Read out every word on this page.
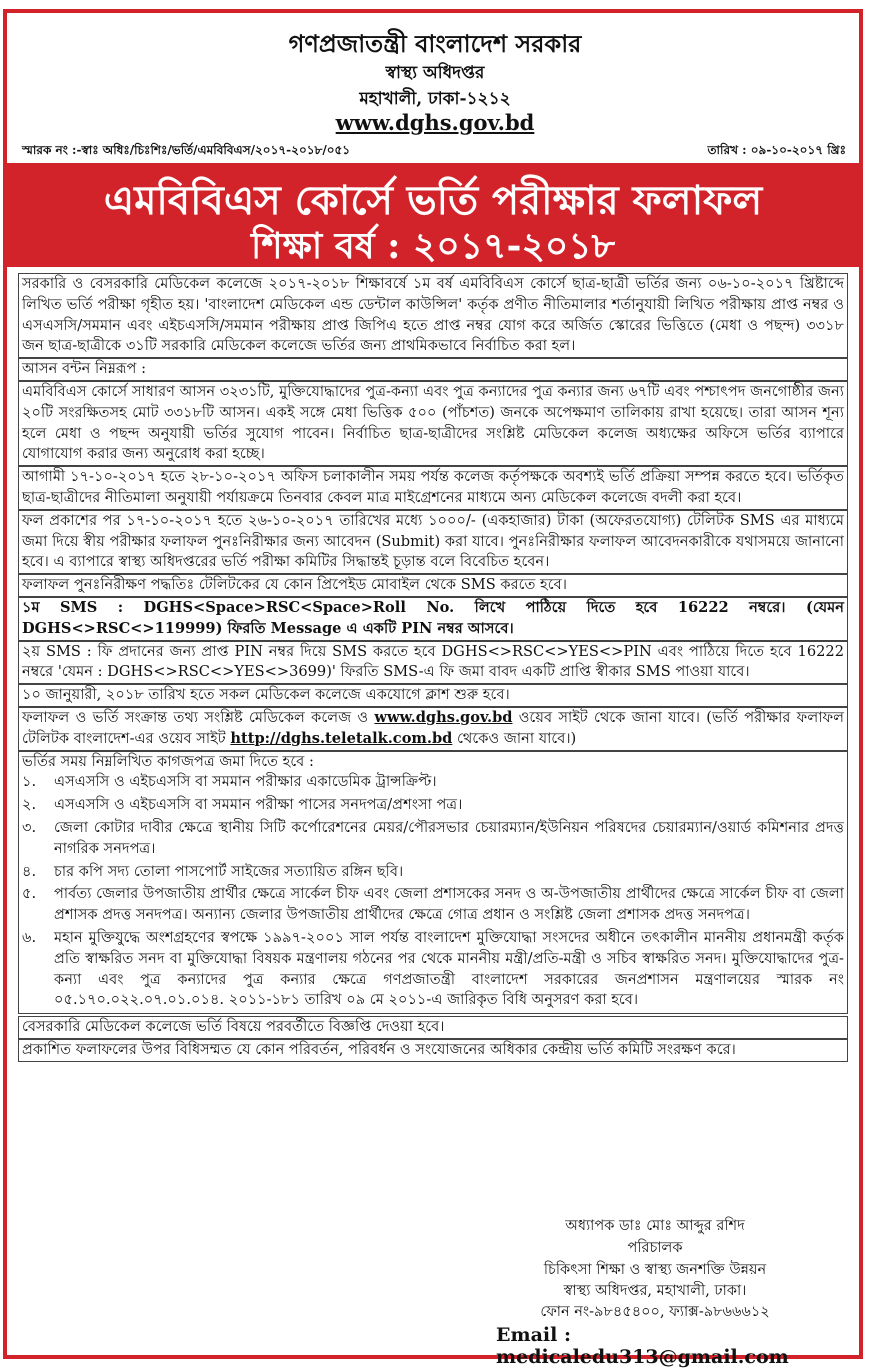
গণপ্রজাতন্ত্রী বাংলাদেশ সরকার
স্বাস্থ্য অধিদপ্তর
মহাখালী, ঢাকা-১২১২
www.dghs.gov.bd
স্মারক নং :-স্বাঃ অধিঃ/চিঃশিঃ/ভর্তি/এমবিবিএস/২০১৭-২০১৮/০৫১	তারিখ : ০৯-১০-২০১৭ খ্রিঃ
এমবিবিএস কোর্সে ভর্তি পরীক্ষার ফলাফল
শিক্ষা বর্ষ : ২০১৭-২০১৮

সরকারি ও বেসরকারি মেডিকেল কলেজে ২০১৭-২০১৮ শিক্ষাবর্ষে ১ম বর্ষ এমবিবিএস কোর্সে ছাত্র-ছাত্রী ভর্তির জন্য ০৬-১০-২০১৭ খ্রিষ্টাব্দে লিখিত ভর্তি পরীক্ষা গৃহীত হয়। 'বাংলাদেশ মেডিকেল এন্ড ডেন্টাল কাউন্সিল' কর্তৃক প্রণীত নীতিমালার শর্তানুযায়ী লিখিত পরীক্ষায় প্রাপ্ত নম্বর ও এসএসসি/সমমান এবং এইচএসসি/সমমান পরীক্ষায় প্রাপ্ত জিপিএ হতে প্রাপ্ত নম্বর যোগ করে অর্জিত স্কোরের ভিত্তিতে (মেধা ও পছন্দ) ৩৩১৮ জন ছাত্র-ছাত্রীকে ৩১টি সরকারি মেডিকেল কলেজে ভর্তির জন্য প্রাথমিকভাবে নির্বাচিত করা হল।

আসন বন্টন নিম্নরূপ :

এমবিবিএস কোর্সে সাধারণ আসন ৩২৩১টি, মুক্তিযোদ্ধাদের পুত্র-কন্যা এবং পুত্র কন্যাদের পুত্র কন্যার জন্য ৬৭টি এবং পশ্চাৎপদ জনগোষ্ঠীর জন্য ২০টি সংরক্ষিতসহ মোট ৩৩১৮টি আসন। একই সঙ্গে মেধা ভিত্তিক ৫০০ (পাঁচশত) জনকে অপেক্ষমাণ তালিকায় রাখা হয়েছে। তারা আসন শূন্য হলে মেধা ও পছন্দ অনুযায়ী ভর্তির সুযোগ পাবেন। নির্বাচিত ছাত্র-ছাত্রীদের সংশ্লিষ্ট মেডিকেল কলেজ অধ্যক্ষের অফিসে ভর্তির ব্যাপারে যোগাযোগ করার জন্য অনুরোধ করা হচ্ছে।

আগামী ১৭-১০-২০১৭ হতে ২৮-১০-২০১৭ অফিস চলাকালীন সময় পর্যন্ত কলেজ কর্তৃপক্ষকে অবশ্যই ভর্তি প্রক্রিয়া সম্পন্ন করতে হবে। ভর্তিকৃত ছাত্র-ছাত্রীদের নীতিমালা অনুযায়ী পর্যায়ক্রমে তিনবার কেবল মাত্র মাইগ্রেশনের মাধ্যমে অন্য মেডিকেল কলেজে বদলী করা হবে।

ফল প্রকাশের পর ১৭-১০-২০১৭ হতে ২৬-১০-২০১৭ তারিখের মধ্যে ১০০০/- (একহাজার) টাকা (অফেরতযোগ্য) টেলিটক SMS এর মাধ্যমে জমা দিয়ে স্বীয় পরীক্ষার ফলাফল পুনঃনিরীক্ষার জন্য আবেদন (Submit) করা যাবে। পুনঃনিরীক্ষার ফলাফল আবেদনকারীকে যথাসময়ে জানানো হবে। এ ব্যাপারে স্বাস্থ্য অধিদপ্তরের ভর্তি পরীক্ষা কমিটির সিদ্ধান্তই চূড়ান্ত বলে বিবেচিত হবেন।

ফলাফল পুনঃনিরীক্ষণ পদ্ধতিঃ টেলিটকের যে কোন প্রিপেইড মোবাইল থেকে SMS করতে হবে।

১ম SMS : DGHS<Space>RSC<Space>Roll No. লিখে পাঠিয়ে দিতে হবে 16222 নম্বরে। (যেমন DGHS<>RSC<>119999) ফিরতি Message এ একটি PIN নম্বর আসবে।

২য় SMS : ফি প্রদানের জন্য প্রাপ্ত PIN নম্বর দিয়ে SMS করতে হবে DGHS<>RSC<>YES<>PIN এবং পাঠিয়ে দিতে হবে 16222 নম্বরে 'যেমন : DGHS<>RSC<>YES<>3699)' ফিরতি SMS-এ ফি জমা বাবদ একটি প্রাপ্তি স্বীকার SMS পাওয়া যাবে।

১০ জানুয়ারী, ২০১৮ তারিখ হতে সকল মেডিকেল কলেজে একযোগে ক্লাশ শুরু হবে।

ফলাফল ও ভর্তি সংক্রান্ত তথ্য সংশ্লিষ্ট মেডিকেল কলেজ ও www.dghs.gov.bd ওয়েব সাইট থেকে জানা যাবে। (ভর্তি পরীক্ষার ফলাফল টেলিটক বাংলাদেশ-এর ওয়েব সাইট http://dghs.teletalk.com.bd থেকেও জানা যাবে।)

ভর্তির সময় নিম্নলিখিত কাগজপত্র জমা দিতে হবে :

১.	এসএসসি ও এইচএসসি বা সমমান পরীক্ষার একাডেমিক ট্রান্সক্রিপ্ট।
২.	এসএসসি ও এইচএসসি বা সমমান পরীক্ষা পাসের সনদপত্র/প্রশংসা পত্র।
৩.	জেলা কোটার দাবীর ক্ষেত্রে স্থানীয় সিটি কর্পোরেশনের মেয়র/পৌরসভার চেয়ারম্যান/ইউনিয়ন পরিষদের চেয়ারম্যান/ওয়ার্ড কমিশনার প্রদত্ত নাগরিক সনদপত্র।
৪.	চার কপি সদ্য তোলা পাসপোর্ট সাইজের সত্যায়িত রঙ্গিন ছবি।
৫.	পার্বত্য জেলার উপজাতীয় প্রার্থীর ক্ষেত্রে সার্কেল চীফ এবং জেলা প্রশাসকের সনদ ও অ-উপজাতীয় প্রার্থীদের ক্ষেত্রে সার্কেল চীফ বা জেলা প্রশাসক প্রদত্ত সনদপত্র। অন্যান্য জেলার উপজাতীয় প্রার্থীদের ক্ষেত্রে গোত্র প্রধান ও সংশ্লিষ্ট জেলা প্রশাসক প্রদত্ত সনদপত্র।
৬.	মহান মুক্তিযুদ্ধে অংশগ্রহণের স্বপক্ষে ১৯৯৭-২০০১ সাল পর্যন্ত বাংলাদেশ মুক্তিযোদ্ধা সংসদের অধীনে তৎকালীন মাননীয় প্রধানমন্ত্রী কর্তৃক প্রতি স্বাক্ষরিত সনদ বা মুক্তিযোদ্ধা বিষয়ক মন্ত্রণালয় গঠনের পর থেকে মাননীয় মন্ত্রী/প্রতি-মন্ত্রী ও সচিব স্বাক্ষরিত সনদ। মুক্তিযোদ্ধাদের পুত্র-কন্যা এবং পুত্র কন্যাদের পুত্র কন্যার ক্ষেত্রে গণপ্রজাতন্ত্রী বাংলাদেশ সরকারের জনপ্রশাসন মন্ত্রণালয়ের স্মারক নং ০৫.১৭০.০২২.০৭.০১.০১৪. ২০১১-১৮১ তারিখ ০৯ মে ২০১১-এ জারিকৃত বিধি অনুসরণ করা হবে।

বেসরকারি মেডিকেল কলেজে ভর্তি বিষয়ে পরবর্তীতে বিজ্ঞপ্তি দেওয়া হবে।

প্রকাশিত ফলাফলের উপর বিধিসম্মত যে কোন পরিবর্তন, পরিবর্ধন ও সংযোজনের অধিকার কেন্দ্রীয় ভর্তি কমিটি সংরক্ষণ করে।

অধ্যাপক ডাঃ মোঃ আব্দুর রশিদ
পরিচালক
চিকিৎসা শিক্ষা ও স্বাস্থ্য জনশক্তি উন্নয়ন
স্বাস্থ্য অধিদপ্তর, মহাখালী, ঢাকা।
ফোন নং-৯৮৪৫৪০০, ফ্যাক্স-৯৮৬৬৬১২
Email : medicaledu313@gmail.com
